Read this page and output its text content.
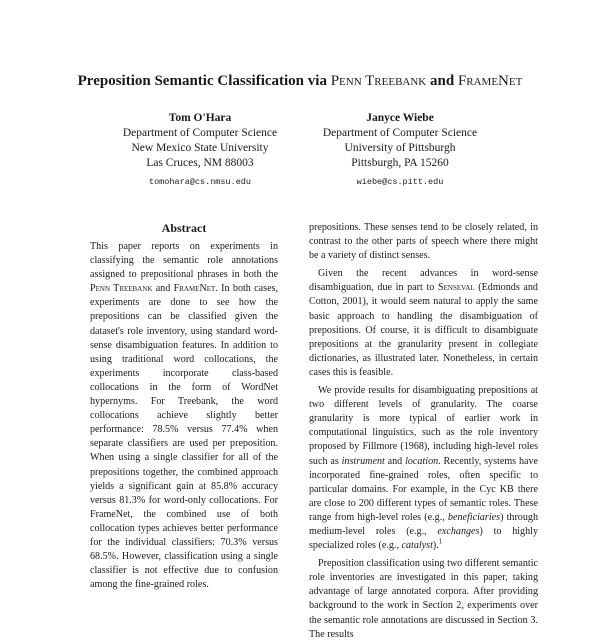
Preposition Semantic Classification via Penn Treebank and FrameNet
Tom O'Hara
Department of Computer Science
New Mexico State University
Las Cruces, NM 88003
tomohara@cs.nmsu.edu
Janyce Wiebe
Department of Computer Science
University of Pittsburgh
Pittsburgh, PA 15260
wiebe@cs.pitt.edu
Abstract

This paper reports on experiments in classifying the semantic role annotations assigned to prepositional phrases in both the Penn Treebank and FrameNet. In both cases, experiments are done to see how the prepositions can be classified given the dataset's role inventory, using standard word-sense disambiguation features. In addition to using traditional word collocations, the experiments incorporate class-based collocations in the form of WordNet hypernyms. For Treebank, the word collocations achieve slightly better performance: 78.5% versus 77.4% when separate classifiers are used per preposition. When using a single classifier for all of the prepositions together, the combined approach yields a significant gain at 85.8% accuracy versus 81.3% for word-only collocations. For FrameNet, the combined use of both collocation types achieves better performance for the individual classifiers: 70.3% versus 68.5%. However, classification using a single classifier is not effective due to confusion among the fine-grained roles.

prepositions. These senses tend to be closely related, in contrast to the other parts of speech where there might be a variety of distinct senses.

Given the recent advances in word-sense disambiguation, due in part to Senseval (Edmonds and Cotton, 2001), it would seem natural to apply the same basic approach to handling the disambiguation of prepositions. Of course, it is difficult to disambiguate prepositions at the granularity present in collegiate dictionaries, as illustrated later. Nonetheless, in certain cases this is feasible.

We provide results for disambiguating prepositions at two different levels of granularity. The coarse granularity is more typical of earlier work in computational linguistics, such as the role inventory proposed by Fillmore (1968), including high-level roles such as instrument and location. Recently, systems have incorporated fine-grained roles, often specific to particular domains. For example, in the Cyc KB there are close to 200 different types of semantic roles. These range from high-level roles (e.g., beneficiaries) through medium-level roles (e.g., exchanges) to highly specialized roles (e.g., catalyst).$^1$

Preposition classification using two different semantic role inventories are investigated in this paper, taking advantage of large annotated corpora. After providing background to the work in Section 2, experiments over the semantic role annotations are discussed in Section 3. The results
